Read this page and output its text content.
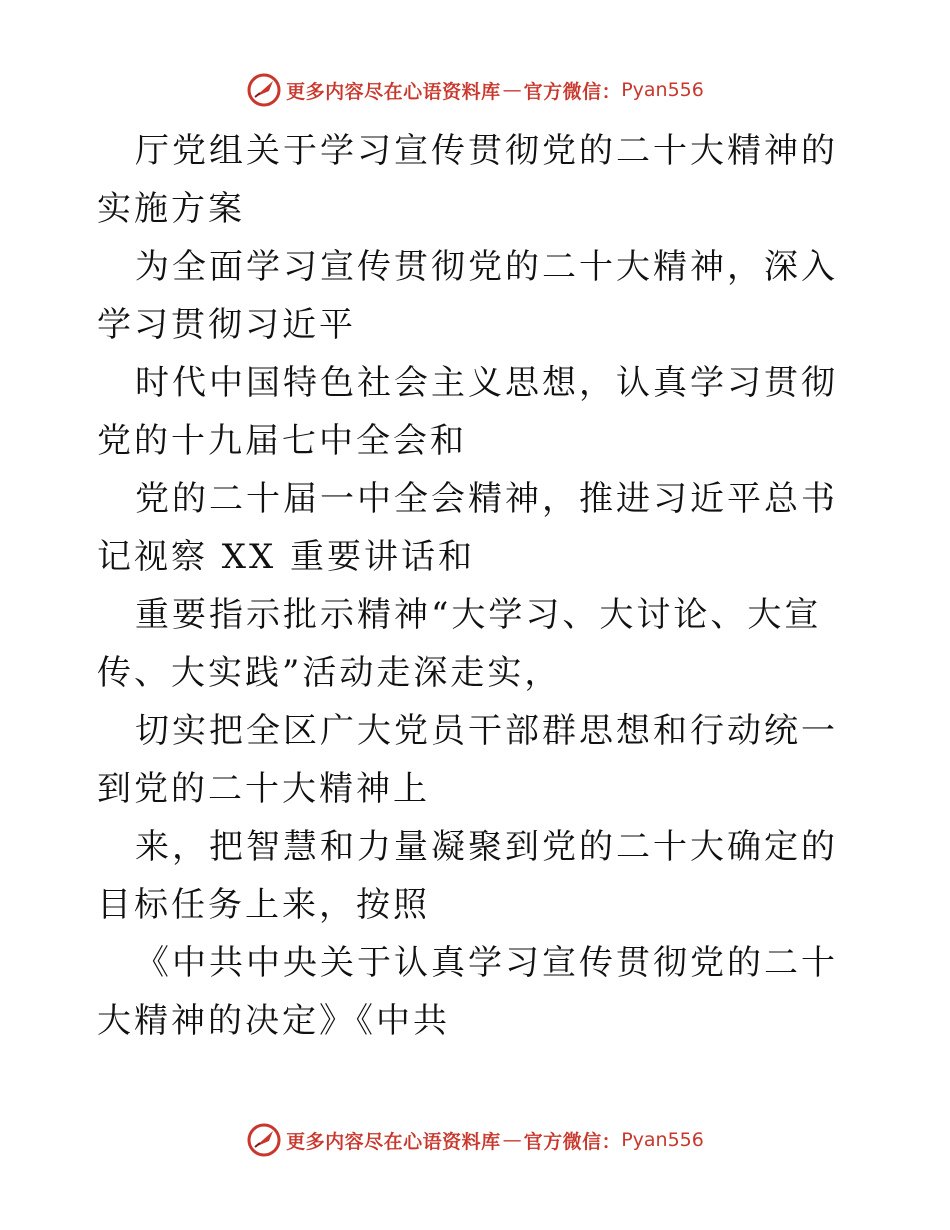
更多内容尽在心语资料库 — 官方微信： Pyan556

厅党组关于学习宣传贯彻党的二十大精神的实施方案

为全面学习宣传贯彻党的二十大精神，深入学习贯彻习近平

时代中国特色社会主义思想，认真学习贯彻党的十九届七中全会和

党的二十届一中全会精神，推进习近平总书记视察 XX 重要讲话和

重要指示批示精神“大学习、大讨论、大宣传、大实践”活动走深走实，

切实把全区广大党员干部群思想和行动统一到党的二十大精神上

来，把智慧和力量凝聚到党的二十大确定的目标任务上来，按照

《中共中央关于认真学习宣传贯彻党的二十大精神的决定》《中共

更多内容尽在心语资料库 — 官方微信： Pyan556
